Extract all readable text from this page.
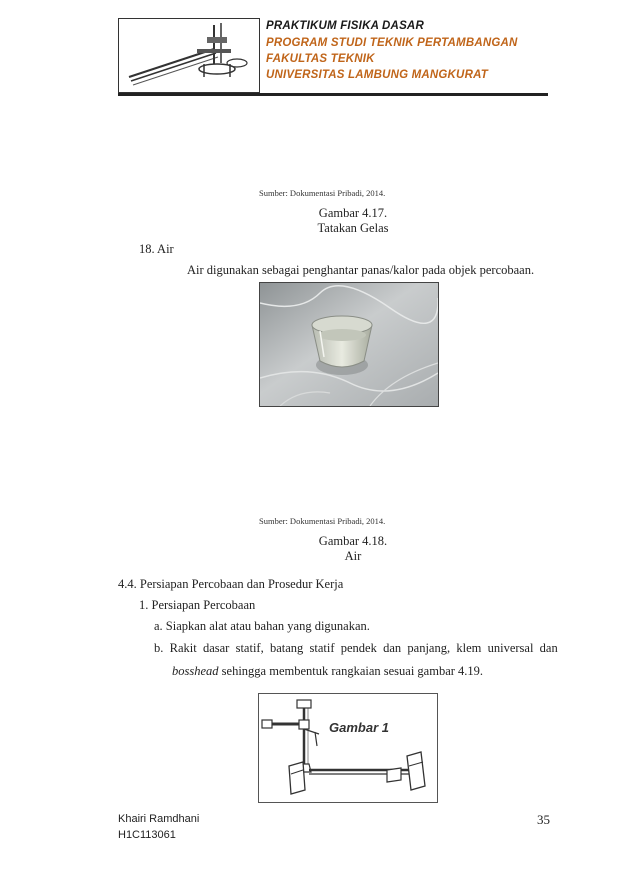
PRAKTIKUM FISIKA DASAR
PROGRAM STUDI TEKNIK PERTAMBANGAN
FAKULTAS TEKNIK
UNIVERSITAS LAMBUNG MANGKURAT
Sumber: Dokumentasi Pribadi, 2014.
Gambar 4.17.
Tatakan Gelas
18. Air
Air digunakan sebagai penghantar panas/kalor pada objek percobaan.
Sumber: Dokumentasi Pribadi, 2014.
Gambar 4.18.
Air
4.4. Persiapan Percobaan dan Prosedur Kerja
1. Persiapan Percobaan
a. Siapkan alat atau bahan yang digunakan.
b.  Rakit  dasar  statif,  batang  statif  pendek  dan  panjang,  klem  universal  dan
bosshead sehingga membentuk rangkaian sesuai gambar 4.19.
Gambar 1
Khairi Ramdhani
H1C113061
35
